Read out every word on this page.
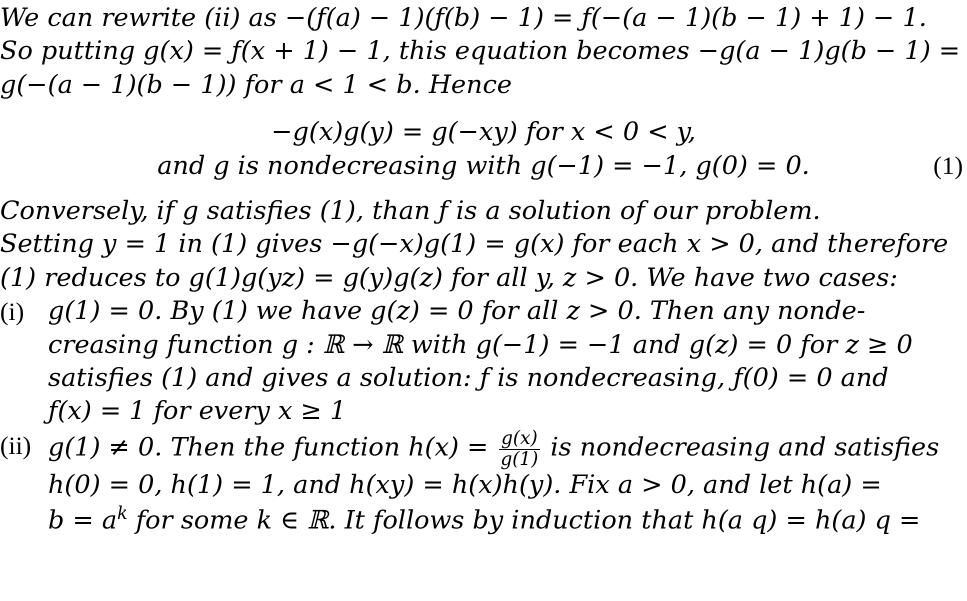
We can rewrite (ii) as −(ƒ(a) − 1)(ƒ(b) − 1) = ƒ(−(a − 1)(b − 1) + 1) − 1.
So putting g(x) = ƒ(x + 1) − 1, this equation becomes −g(a − 1)g(b − 1) =
g(−(a − 1)(b − 1)) for a < 1 < b. Hence
−g(x)g(y) = g(−xy) for x < 0 < y,
and g is nondecreasing with g(−1) = −1, g(0) = 0.	(1)
Conversely, if g satisfies (1), than ƒ is a solution of our problem.
Setting y = 1 in (1) gives −g(−x)g(1) = g(x) for each x > 0, and therefore
(1) reduces to g(1)g(yz) = g(y)g(z) for all y, z > 0. We have two cases:
(i) g(1) = 0. By (1) we have g(z) = 0 for all z > 0. Then any nonde-
creasing function g : ℝ → ℝ with g(−1) = −1 and g(z) = 0 for z ≥ 0
satisfies (1) and gives a solution: ƒ is nondecreasing, ƒ(0) = 0 and
ƒ(x) = 1 for every x ≥ 1
(ii) g(1) ≠ 0. Then the function $h(x) = \frac{g(x)}{g(1)}$ is nondecreasing and satisfies
h(0) = 0, h(1) = 1, and h(xy) = h(x)h(y). Fix a > 0, and let h(a) =
$b = a^k$ for some k ∈ ℝ. It follows by induction that h(a q) = h(a) q =
